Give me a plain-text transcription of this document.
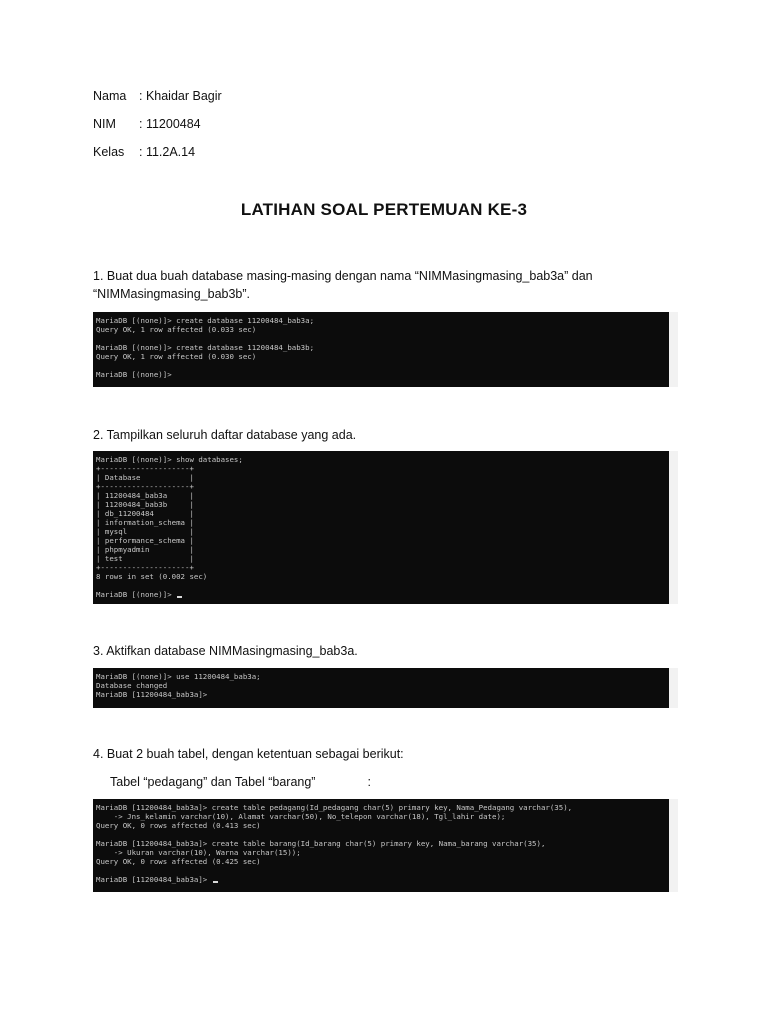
Nama : Khaidar Bagir
NIM : 11200484
Kelas : 11.2A.14
LATIHAN SOAL PERTEMUAN KE-3
1. Buat dua buah database masing-masing dengan nama “NIMMasingmasing_bab3a” dan
“NIMMasingmasing_bab3b”.
MariaDB [(none)]> create database 11200484_bab3a;
Query OK, 1 row affected (0.033 sec)

MariaDB [(none)]> create database 11200484_bab3b;
Query OK, 1 row affected (0.030 sec)

MariaDB [(none)]>
2. Tampilkan seluruh daftar database yang ada.
MariaDB [(none)]> show databases;
+--------------------+
| Database           |
+--------------------+
| 11200484_bab3a     |
| 11200484_bab3b     |
| db_11200484        |
| information_schema |
| mysql              |
| performance_schema |
| phpmyadmin         |
| test               |
+--------------------+
8 rows in set (0.002 sec)

MariaDB [(none)]>
3. Aktifkan database NIMMasingmasing_bab3a.
MariaDB [(none)]> use 11200484_bab3a;
Database changed
MariaDB [11200484_bab3a]>
4. Buat 2 buah tabel, dengan ketentuan sebagai berikut:
Tabel “pedagang” dan Tabel “barang”	:
MariaDB [11200484_bab3a]> create table pedagang(Id_pedagang char(5) primary key, Nama_Pedagang varchar(35),
-> Jns_kelamin varchar(10), Alamat varchar(50), No_telepon varchar(18), Tgl_lahir date);
Query OK, 0 rows affected (0.413 sec)

MariaDB [11200484_bab3a]> create table barang(Id_barang char(5) primary key, Nama_barang varchar(35),
-> Ukuran varchar(10), Warna varchar(15));
Query OK, 0 rows affected (0.425 sec)

MariaDB [11200484_bab3a]>
